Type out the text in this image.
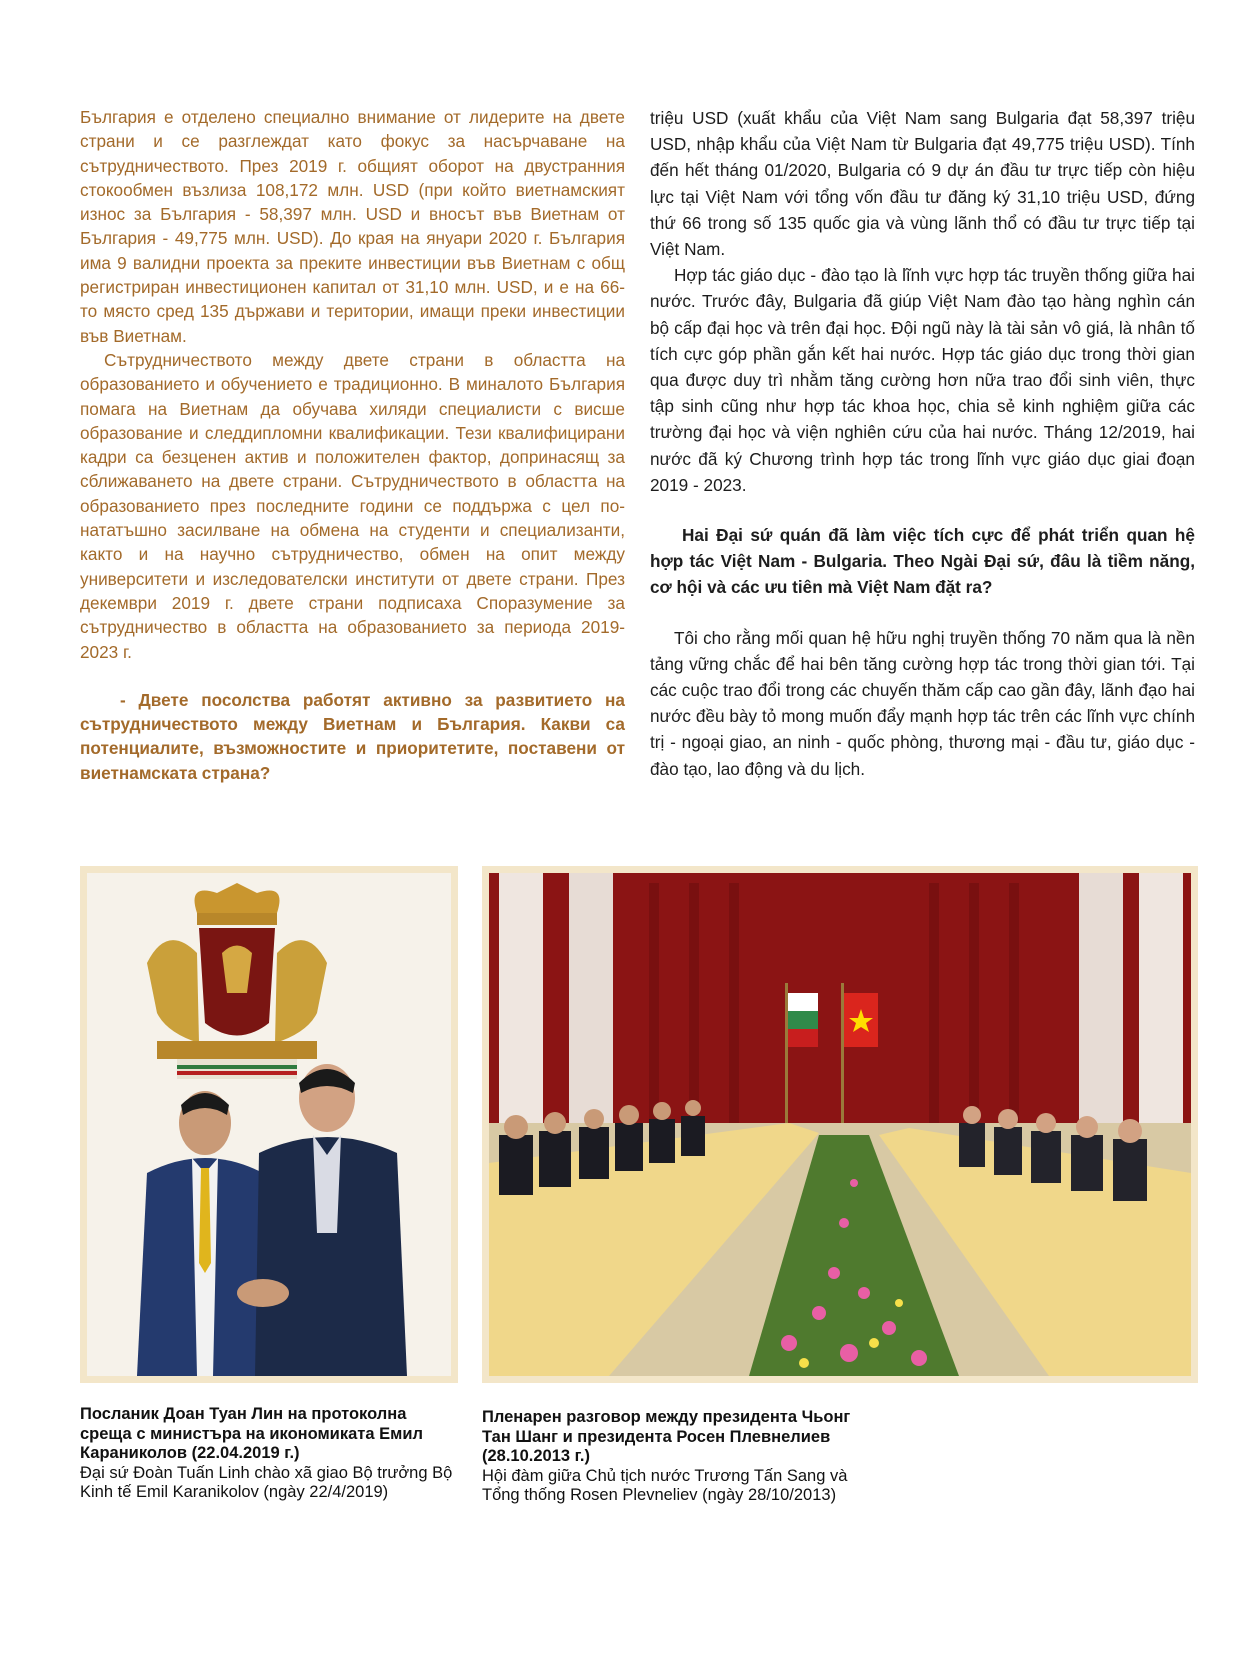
България е отделено специално внимание от лидерите на двете страни и се разглеждат като фокус за насърчаване на сътрудничеството. През 2019 г. общият оборот на двустранния стокообмен възлиза 108,172 млн. USD (при който виетнамският износ за България - 58,397 млн. USD и вносът във Виетнам от България - 49,775 млн. USD). До края на януари 2020 г. България има 9 валидни проекта за преките инвестиции във Виетнам с общ регистриран инвестиционен капитал от 31,10 млн. USD, и е на 66-то място сред 135 държави и територии, имащи преки инвестиции във Виетнам.

Сътрудничеството между двете страни в областта на образованието и обучението е традиционно. В миналото България помага на Виетнам да обучава хиляди специалисти с висше образование и следдипломни квалификации. Тези квалифицирани кадри са безценен актив и положителен фактор, допринасящ за сближаването на двете страни. Сътрудничеството в областта на образованието през последните години се поддържа с цел по-нататъшно засилване на обмена на студенти и специализанти, както и на научно сътрудничество, обмен на опит между университети и изследователски институти от двете страни. През декември 2019 г. двете страни подписаха Споразумение за сътрудничество в областта на образованието за периода 2019-2023 г.

- Двете посолства работят активно за развитието на сътрудничеството между Виетнам и България. Какви са потенциалите, възможностите и приоритетите, поставени от виетнамската страна?

triệu USD (xuất khẩu của Việt Nam sang Bulgaria đạt 58,397 triệu USD, nhập khẩu của Việt Nam từ Bulgaria đạt 49,775 triệu USD). Tính đến hết tháng 01/2020, Bulgaria có 9 dự án đầu tư trực tiếp còn hiệu lực tại Việt Nam với tổng vốn đầu tư đăng ký 31,10 triệu USD, đứng thứ 66 trong số 135 quốc gia và vùng lãnh thổ có đầu tư trực tiếp tại Việt Nam.

Hợp tác giáo dục - đào tạo là lĩnh vực hợp tác truyền thống giữa hai nước. Trước đây, Bulgaria đã giúp Việt Nam đào tạo hàng nghìn cán bộ cấp đại học và trên đại học. Đội ngũ này là tài sản vô giá, là nhân tố tích cực góp phần gắn kết hai nước. Hợp tác giáo dục trong thời gian qua được duy trì nhằm tăng cường hơn nữa trao đổi sinh viên, thực tập sinh cũng như hợp tác khoa học, chia sẻ kinh nghiệm giữa các trường đại học và viện nghiên cứu của hai nước. Tháng 12/2019, hai nước đã ký Chương trình hợp tác trong lĩnh vực giáo dục giai đoạn 2019 - 2023.

Hai Đại sứ quán đã làm việc tích cực để phát triển quan hệ hợp tác Việt Nam - Bulgaria. Theo Ngài Đại sứ, đâu là tiềm năng, cơ hội và các ưu tiên mà Việt Nam đặt ra?

Tôi cho rằng mối quan hệ hữu nghị truyền thống 70 năm qua là nền tảng vững chắc để hai bên tăng cường hợp tác trong thời gian tới. Tại các cuộc trao đổi trong các chuyến thăm cấp cao gần đây, lãnh đạo hai nước đều bày tỏ mong muốn đẩy mạnh hợp tác trên các lĩnh vực chính trị - ngoại giao, an ninh - quốc phòng, thương mại - đầu tư, giáo dục - đào tạo, lao động và du lịch.

Посланик Доан Туан Лин на протоколна среща с министъра на икономиката Емил Караниколов (22.04.2019 г.)
Đại sứ Đoàn Tuấn Linh chào xã giao Bộ trưởng Bộ Kinh tế Emil Karanikolov (ngày 22/4/2019)
Пленарен разговор между президента Чьонг Тан Шанг и президента Росен Плевнелиев (28.10.2013 г.)
Hội đàm giữa Chủ tịch nước Trương Tấn Sang và Tổng thống Rosen Plevneliev (ngày 28/10/2013)
